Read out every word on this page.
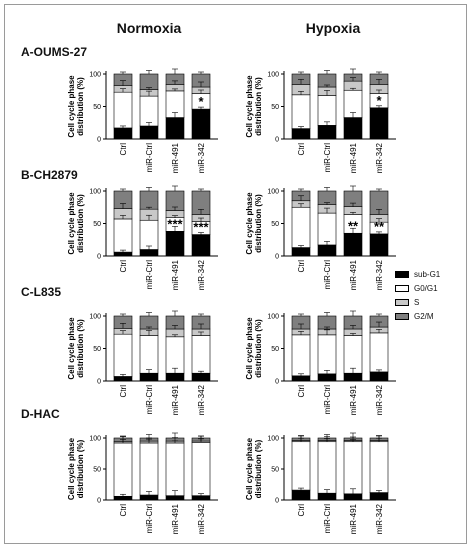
Normoxia	Hypoxia
A-OUMS-27
B-CH2879
C-L835
D-HAC
0
50
100
Cell cycle phasedistribution (%)
Ctrl miR-Ctrl miR-491 miR-342
*
0
50
100
Cell cycle phasedistribution (%)
Ctrl miR-Ctrl miR-491 miR-342
*
0
50
100
Cell cycle phasedistribution (%)
Ctrl miR-Ctrl miR-491 miR-342
*** ***
0
50
100
Cell cycle phasedistribution (%)
Ctrl miR-Ctrl miR-491 miR-342
** **
0
50
100
Cell cycle phasedistribution (%)
Ctrl miR-Ctrl miR-491 miR-342
0
50
100
Cell cycle phasedistribution (%)
Ctrl miR-Ctrl miR-491 miR-342
0
50
100
Cell cycle phasedistribution (%)
Ctrl miR-Ctrl miR-491 miR-342
0
50
100
Cell cycle phasedistribution (%)
Ctrl miR-Ctrl miR-491 miR-342
sub-G1
G0/G1
S
G2/M
